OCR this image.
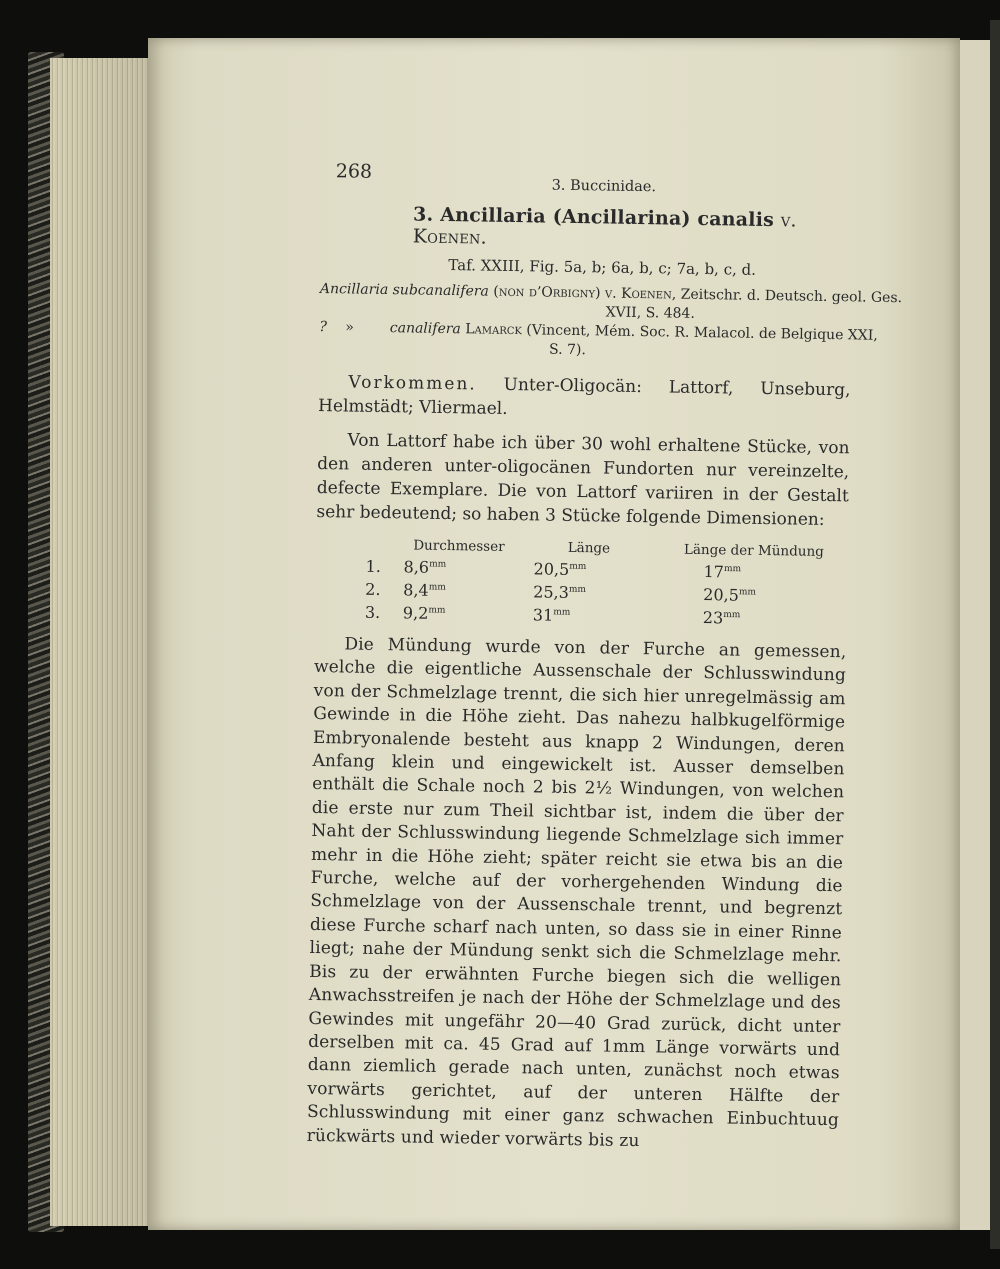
268
3. Buccinidae.
3. Ancillaria (Ancillarina) canalis v. Koenen.
Taf. XXIII, Fig. 5a, b; 6a, b, c; 7a, b, c, d.
Ancillaria subcanalifera (non d’Orbigny) v. Koenen, Zeitschr. d. Deutsch. geol. Ges.
XVII, S. 484.
? »	canalifera Lamarck (Vincent, Mém. Soc. R. Malacol. de Belgique XXI,
S. 7).
Vorkommen. Unter-Oligocän: Lattorf, Unseburg, Helmstädt; Vliermael.
Von Lattorf habe ich über 30 wohl erhaltene Stücke, von den anderen unter-oligocänen Fundorten nur vereinzelte, defecte Exemplare. Die von Lattorf variiren in der Gestalt sehr bedeutend; so haben 3 Stücke folgende Dimensionen:
	Durchmesser	Länge	Länge der Mündung
1.	$8,6^{mm}$	$20,5^{mm}$	$17^{mm}$
2.	$8,4^{mm}$	$25,3^{mm}$	$20,5^{mm}$
3.	$9,2^{mm}$	$31^{mm}$	$23^{mm}$
Die Mündung wurde von der Furche an gemessen, welche die eigentliche Aussenschale der Schlusswindung von der Schmelzlage trennt, die sich hier unregelmässig am Gewinde in die Höhe zieht. Das nahezu halbkugelförmige Embryonalende besteht aus knapp 2 Windungen, deren Anfang klein und eingewickelt ist. Ausser demselben enthält die Schale noch 2 bis 2½ Windungen, von welchen die erste nur zum Theil sichtbar ist, indem die über der Naht der Schlusswindung liegende Schmelzlage sich immer mehr in die Höhe zieht; später reicht sie etwa bis an die Furche, welche auf der vorhergehenden Windung die Schmelzlage von der Aussenschale trennt, und begrenzt diese Furche scharf nach unten, so dass sie in einer Rinne liegt; nahe der Mündung senkt sich die Schmelzlage mehr. Bis zu der erwähnten Furche biegen sich die welligen Anwachsstreifen je nach der Höhe der Schmelzlage und des Gewindes mit ungefähr 20—40 Grad zurück, dicht unter derselben mit ca. 45 Grad auf 1mm Länge vorwärts und dann ziemlich gerade nach unten, zunächst noch etwas vorwärts gerichtet, auf der unteren Hälfte der Schlusswindung mit einer ganz schwachen Einbuchtuug rückwärts und wieder vorwärts bis zu
